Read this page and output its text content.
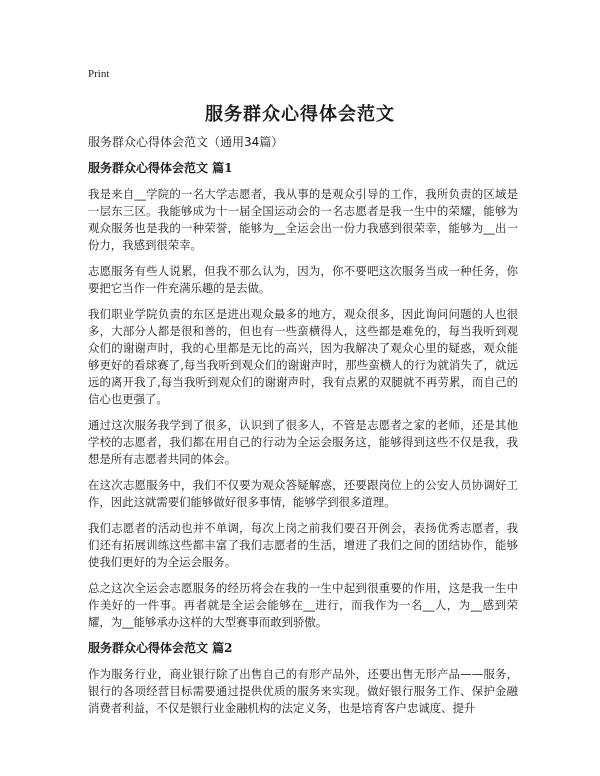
Print
服务群众心得体会范文
服务群众心得体会范文（通用34篇）
服务群众心得体会范文 篇1

我是来自__学院的一名大学志愿者，我从事的是观众引导的工作，我所负责的区域是一层东三区。我能够成为十一届全国运动会的一名志愿者是我一生中的荣耀，能够为观众服务也是我的一种荣誉，能够为__全运会出一份力我感到很荣幸，能够为__出一份力，我感到很荣幸。

志愿服务有些人说累，但我不那么认为，因为，你不要吧这次服务当成一种任务，你要把它当作一件充满乐趣的是去做。

我们职业学院负责的东区是进出观众最多的地方，观众很多，因此询问问题的人也很多，大部分人都是很和善的，但也有一些蛮横得人，这些都是难免的，每当我听到观众们的谢谢声时，我的心里都是无比的高兴，因为我解决了观众心里的疑惑，观众能够更好的看球赛了,每当我听到观众们的谢谢声时，那些蛮横人的行为就消失了，就远远的离开我了,每当我听到观众们的谢谢声时，我有点累的双腿就不再劳累，而自己的信心也更强了。

通过这次服务我学到了很多，认识到了很多人，不管是志愿者之家的老师，还是其他学校的志愿者，我们都在用自己的行动为全运会服务这，能够得到这些不仅是我，我想是所有志愿者共同的体会。

在这次志愿服务中，我们不仅要为观众答疑解惑，还要跟岗位上的公安人员协调好工作，因此这就需要们能够做好很多事情，能够学到很多道理。

我们志愿者的活动也并不单调，每次上岗之前我们要召开例会，表扬优秀志愿者，我们还有拓展训练这些都丰富了我们志愿者的生活，增进了我们之间的团结协作，能够使我们更好的为全运会服务。

总之这次全运会志愿服务的经历将会在我的一生中起到很重要的作用，这是我一生中作美好的一件事。再者就是全运会能够在__进行，而我作为一名__人，为__感到荣耀，为__能够承办这样的大型赛事而敢到骄傲。

服务群众心得体会范文 篇2

作为服务行业，商业银行除了出售自己的有形产品外，还要出售无形产品——服务，银行的各项经营目标需要通过提供优质的服务来实现。做好银行服务工作、保护金融消费者利益，不仅是银行业金融机构的法定义务，也是培育客户忠诚度、提升
